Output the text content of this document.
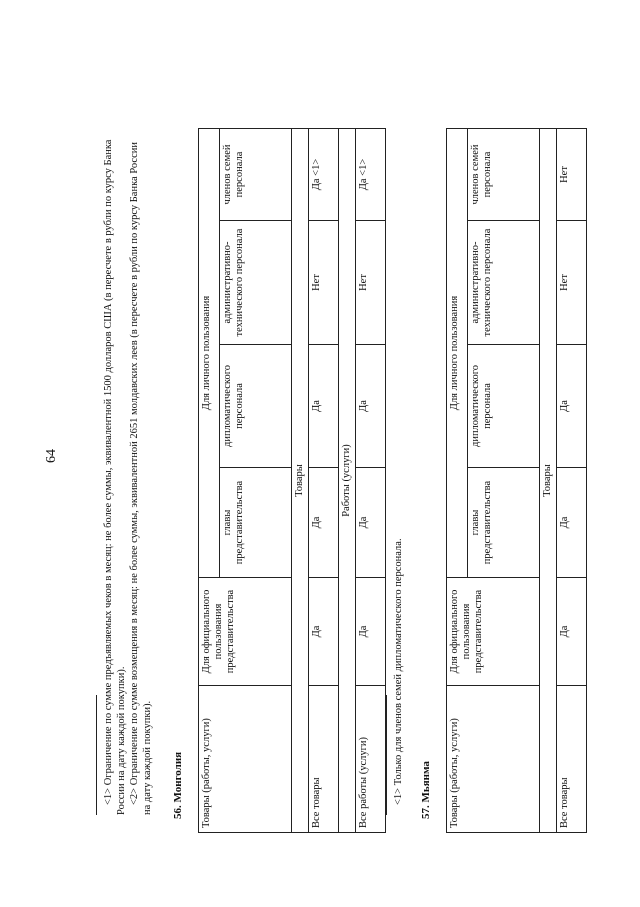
64	<1> Ограничение по сумме предъявляемых чеков в месяц: не более суммы, эквивалентной 1500 долларов США (в пересчете в рубли по курсу Банка России на дату каждой покупки). <2> Ограничение по сумме возмещения в месяц: не более суммы, эквивалентной 2651 молдавских леев (в пересчете в рубли по курсу Банка России на дату каждой покупки). 56. Монголия Товары (работы, услуги)	Для официального пользования представительства	Для личного пользования			
		главы представительства	дипломатического персонала	административно-технического персонала	членов семей персонала
Товары					
Все товары	Да	Да	Да	Нет	Да <1>
Работы (услуги)					
Все работы (услуги)	Да	Да	Да	Нет	Да <1>
<1> Только для членов семей дипломатического персонала. 57. Мьянма Товары (работы, услуги)	Для официального пользования представительства	Для личного пользования			
		главы представительства	дипломатического персонала	административно-технического персонала	членов семей персонала
Товары					
Все товары	Да	Да	Да	Нет	Нет
